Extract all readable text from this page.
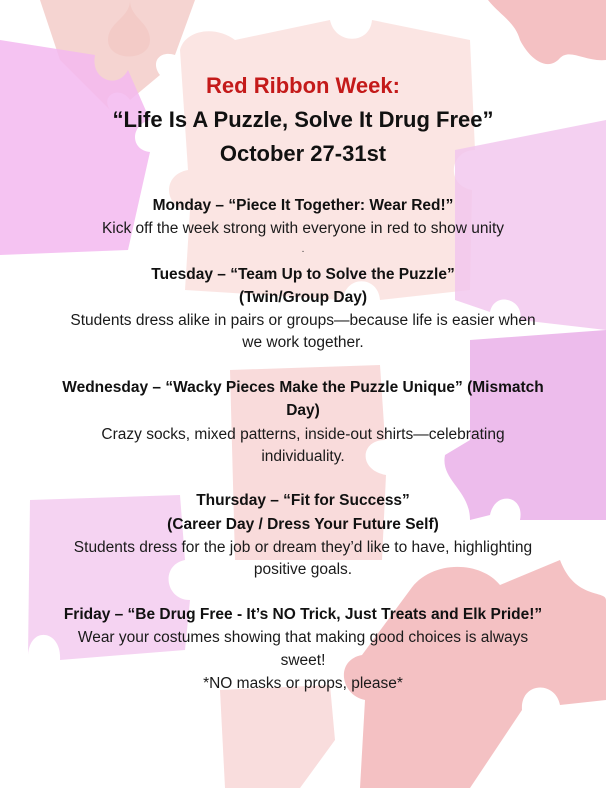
Red Ribbon Week:

“Life Is A Puzzle, Solve It Drug Free”

October 27-31st

Monday – “Piece It Together: Wear Red!”

Kick off the week strong with everyone in red to show unity

.

Tuesday – “Team Up to Solve the Puzzle”

(Twin/Group Day)

Students dress alike in pairs or groups—because life is easier when

we work together.

Wednesday – “Wacky Pieces Make the Puzzle Unique” (Mismatch

Day)

Crazy socks, mixed patterns, inside-out shirts—celebrating

individuality.

Thursday – “Fit for Success”

(Career Day / Dress Your Future Self)

Students dress for the job or dream they’d like to have, highlighting

positive goals.

Friday – “Be Drug Free - It’s NO Trick, Just Treats and Elk Pride!”

Wear your costumes showing that making good choices is always

sweet!

*NO masks or props, please*
